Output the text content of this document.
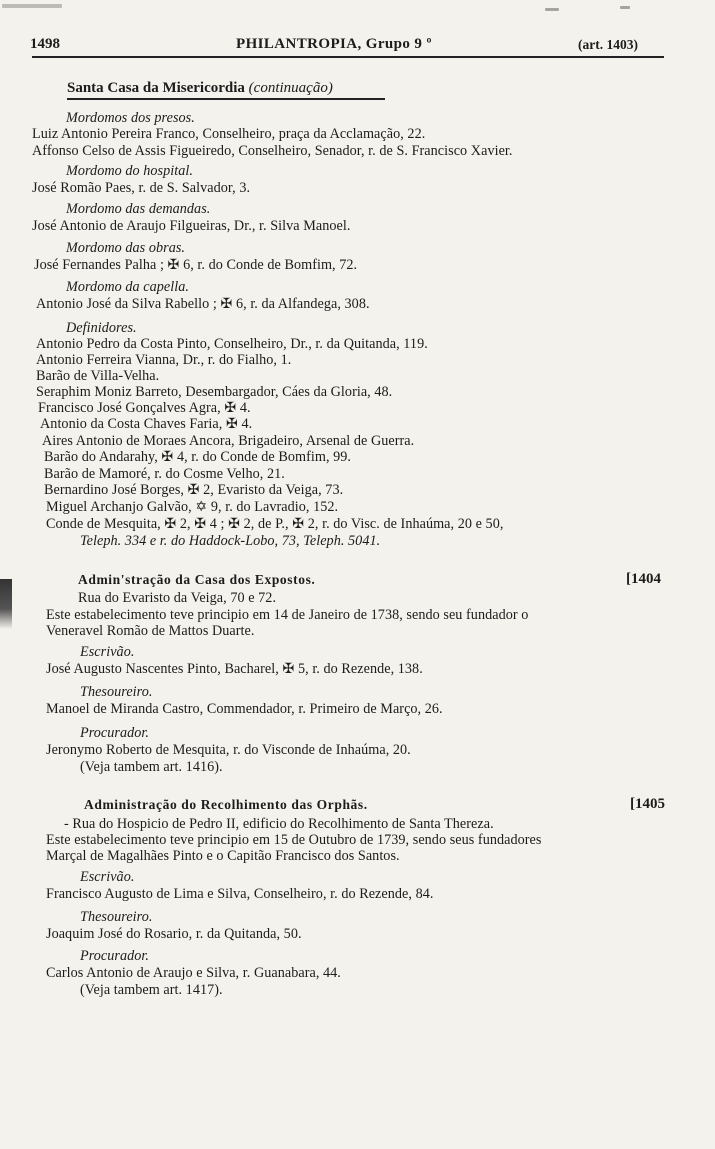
1498	PHILANTROPIA, Grupo 9 º	(art. 1403)
Santa Casa da Misericordia (continuação)
Mordomos dos presos.
Luiz Antonio Pereira Franco, Conselheiro, praça da Acclamação, 22.
Affonso Celso de Assis Figueiredo, Conselheiro, Senador, r. de S. Francisco Xavier.
Mordomo do hospital.
José Romão Paes, r. de S. Salvador, 3.
Mordomo das demandas.
José Antonio de Araujo Filgueiras, Dr., r. Silva Manoel.
Mordomo das obras.
José Fernandes Palha ; ✠ 6, r. do Conde de Bomfim, 72.
Mordomo da capella.
Antonio José da Silva Rabello ; ✠ 6, r. da Alfandega, 308.
Definidores.
Antonio Pedro da Costa Pinto, Conselheiro, Dr., r. da Quitanda, 119.
Antonio Ferreira Vianna, Dr., r. do Fialho, 1.
Barão de Villa-Velha.
Seraphim Moniz Barreto, Desembargador, Cáes da Gloria, 48.
Francisco José Gonçalves Agra, ✠ 4.
Antonio da Costa Chaves Faria, ✠ 4.
Aires Antonio de Moraes Ancora, Brigadeiro, Arsenal de Guerra.
Barão do Andarahy, ✠ 4, r. do Conde de Bomfim, 99.
Barão de Mamoré, r. do Cosme Velho, 21.
Bernardino José Borges, ✠ 2, Evaristo da Veiga, 73.
Miguel Archanjo Galvão, ✡ 9, r. do Lavradio, 152.
Conde de Mesquita, ✠ 2, ✠ 4 ; ✠ 2, de P., ✠ 2, r. do Visc. de Inhaúma, 20 e 50,
Teleph. 334 e r. do Haddock-Lobo, 73, Teleph. 5041.
Admin'stração da Casa dos Expostos.	[1404
Rua do Evaristo da Veiga, 70 e 72.
Este estabelecimento teve principio em 14 de Janeiro de 1738, sendo seu fundador o
Veneravel Romão de Mattos Duarte.
Escrivão.
José Augusto Nascentes Pinto, Bacharel, ✠ 5, r. do Rezende, 138.
Thesoureiro.
Manoel de Miranda Castro, Commendador, r. Primeiro de Março, 26.
Procurador.
Jeronymo Roberto de Mesquita, r. do Visconde de Inhaúma, 20.
(Veja tambem art. 1416).
Administração do Recolhimento das Orphãs.	[1405
- Rua do Hospicio de Pedro II, edificio do Recolhimento de Santa Thereza.
Este estabelecimento teve principio em 15 de Outubro de 1739, sendo seus fundadores
Marçal de Magalhães Pinto e o Capitão Francisco dos Santos.
Escrivão.
Francisco Augusto de Lima e Silva, Conselheiro, r. do Rezende, 84.
Thesoureiro.
Joaquim José do Rosario, r. da Quitanda, 50.
Procurador.
Carlos Antonio de Araujo e Silva, r. Guanabara, 44.
(Veja tambem art. 1417).
